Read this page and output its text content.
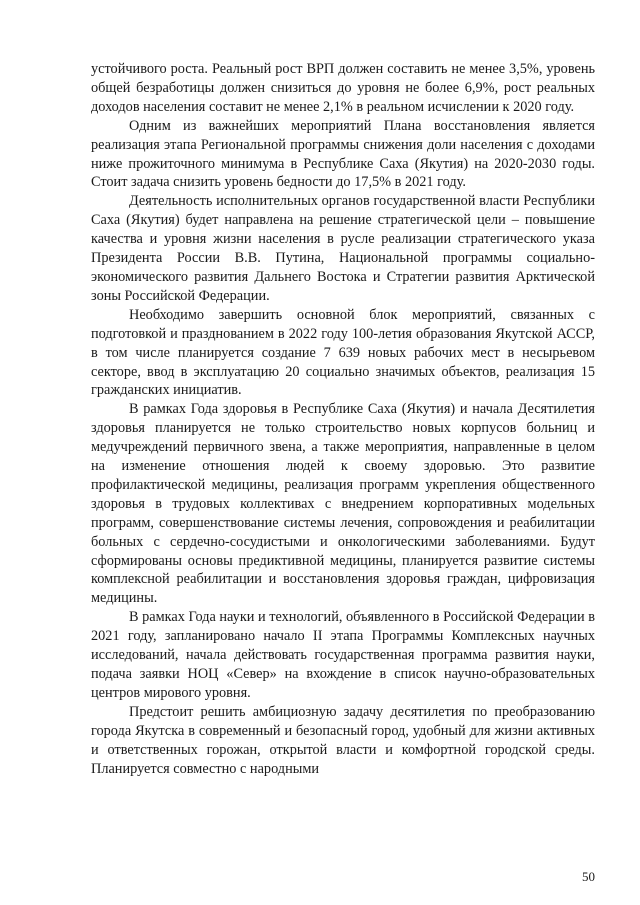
устойчивого роста. Реальный рост ВРП должен составить не менее 3,5%, уровень общей безработицы должен снизиться до уровня не более 6,9%, рост реальных доходов населения составит не менее 2,1% в реальном исчислении к 2020 году.

Одним из важнейших мероприятий Плана восстановления является реализация этапа Региональной программы снижения доли населения с доходами ниже прожиточного минимума в Республике Саха (Якутия) на 2020-2030 годы. Стоит задача снизить уровень бедности до 17,5% в 2021 году.

Деятельность исполнительных органов государственной власти Республики Саха (Якутия) будет направлена на решение стратегической цели – повышение качества и уровня жизни населения в русле реализации стратегического указа Президента России В.В. Путина, Национальной программы социально-экономического развития Дальнего Востока и Стратегии развития Арктической зоны Российской Федерации.

Необходимо завершить основной блок мероприятий, связанных с подготовкой и празднованием в 2022 году 100-летия образования Якутской АССР, в том числе планируется создание 7 639 новых рабочих мест в несырьевом секторе, ввод в эксплуатацию 20 социально значимых объектов, реализация 15 гражданских инициатив.

В рамках Года здоровья в Республике Саха (Якутия) и начала Десятилетия здоровья планируется не только строительство новых корпусов больниц и медучреждений первичного звена, а также мероприятия, направленные в целом на изменение отношения людей к своему здоровью. Это развитие профилактической медицины, реализация программ укрепления общественного здоровья в трудовых коллективах с внедрением корпоративных модельных программ, совершенствование системы лечения, сопровождения и реабилитации больных с сердечно-сосудистыми и онкологическими заболеваниями. Будут сформированы основы предиктивной медицины, планируется развитие системы комплексной реабилитации и восстановления здоровья граждан, цифровизация медицины.

В рамках Года науки и технологий, объявленного в Российской Федерации в 2021 году, запланировано начало II этапа Программы Комплексных научных исследований, начала действовать государственная программа развития науки, подача заявки НОЦ «Север» на вхождение в список научно-образовательных центров мирового уровня.

Предстоит решить амбициозную задачу десятилетия по преобразованию города Якутска в современный и безопасный город, удобный для жизни активных и ответственных горожан, открытой власти и комфортной городской среды. Планируется совместно с народными

50
